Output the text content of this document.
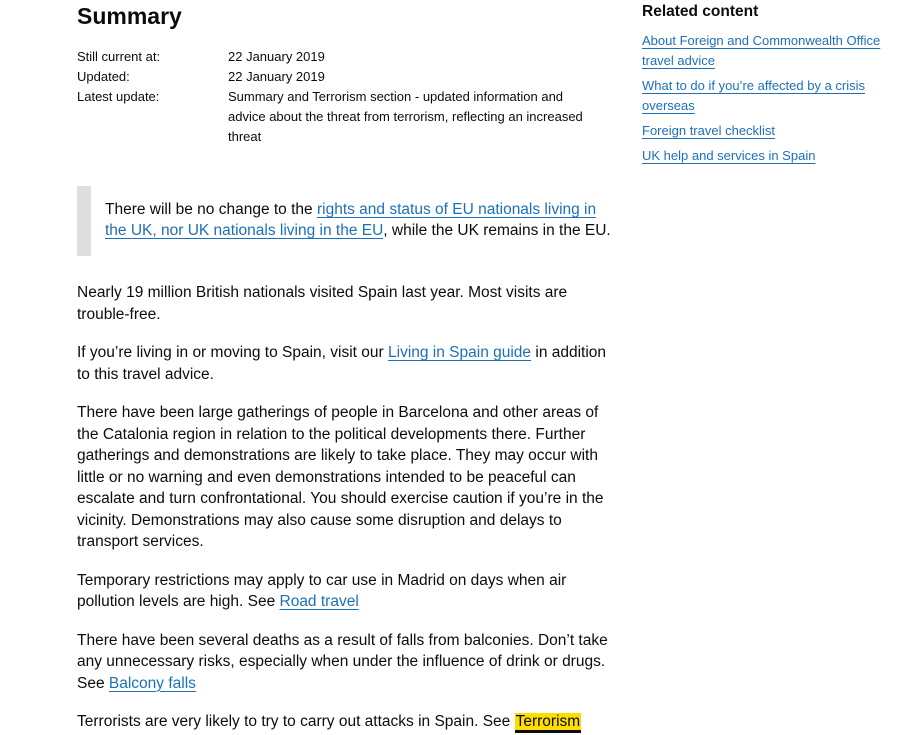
Summary
Still current at:	22 January 2019
Updated:	22 January 2019
Latest update:	Summary and Terrorism section - updated information and advice about the threat from terrorism, reflecting an increased threat
There will be no change to the rights and status of EU nationals living in the UK, nor UK nationals living in the EU, while the UK remains in the EU.

Nearly 19 million British nationals visited Spain last year. Most visits are trouble-free.

If you’re living in or moving to Spain, visit our Living in Spain guide in addition to this travel advice.

There have been large gatherings of people in Barcelona and other areas of the Catalonia region in relation to the political developments there. Further gatherings and demonstrations are likely to take place. They may occur with little or no warning and even demonstrations intended to be peaceful can escalate and turn confrontational. You should exercise caution if you’re in the vicinity. Demonstrations may also cause some disruption and delays to transport services.

Temporary restrictions may apply to car use in Madrid on days when air pollution levels are high. See Road travel

There have been several deaths as a result of falls from balconies. Don’t take any unnecessary risks, especially when under the influence of drink or drugs. See Balcony falls

Terrorists are very likely to try to carry out attacks in Spain. See Terrorism

Related content
About Foreign and Commonwealth Office travel advice
What to do if you’re affected by a crisis overseas
Foreign travel checklist
UK help and services in Spain
